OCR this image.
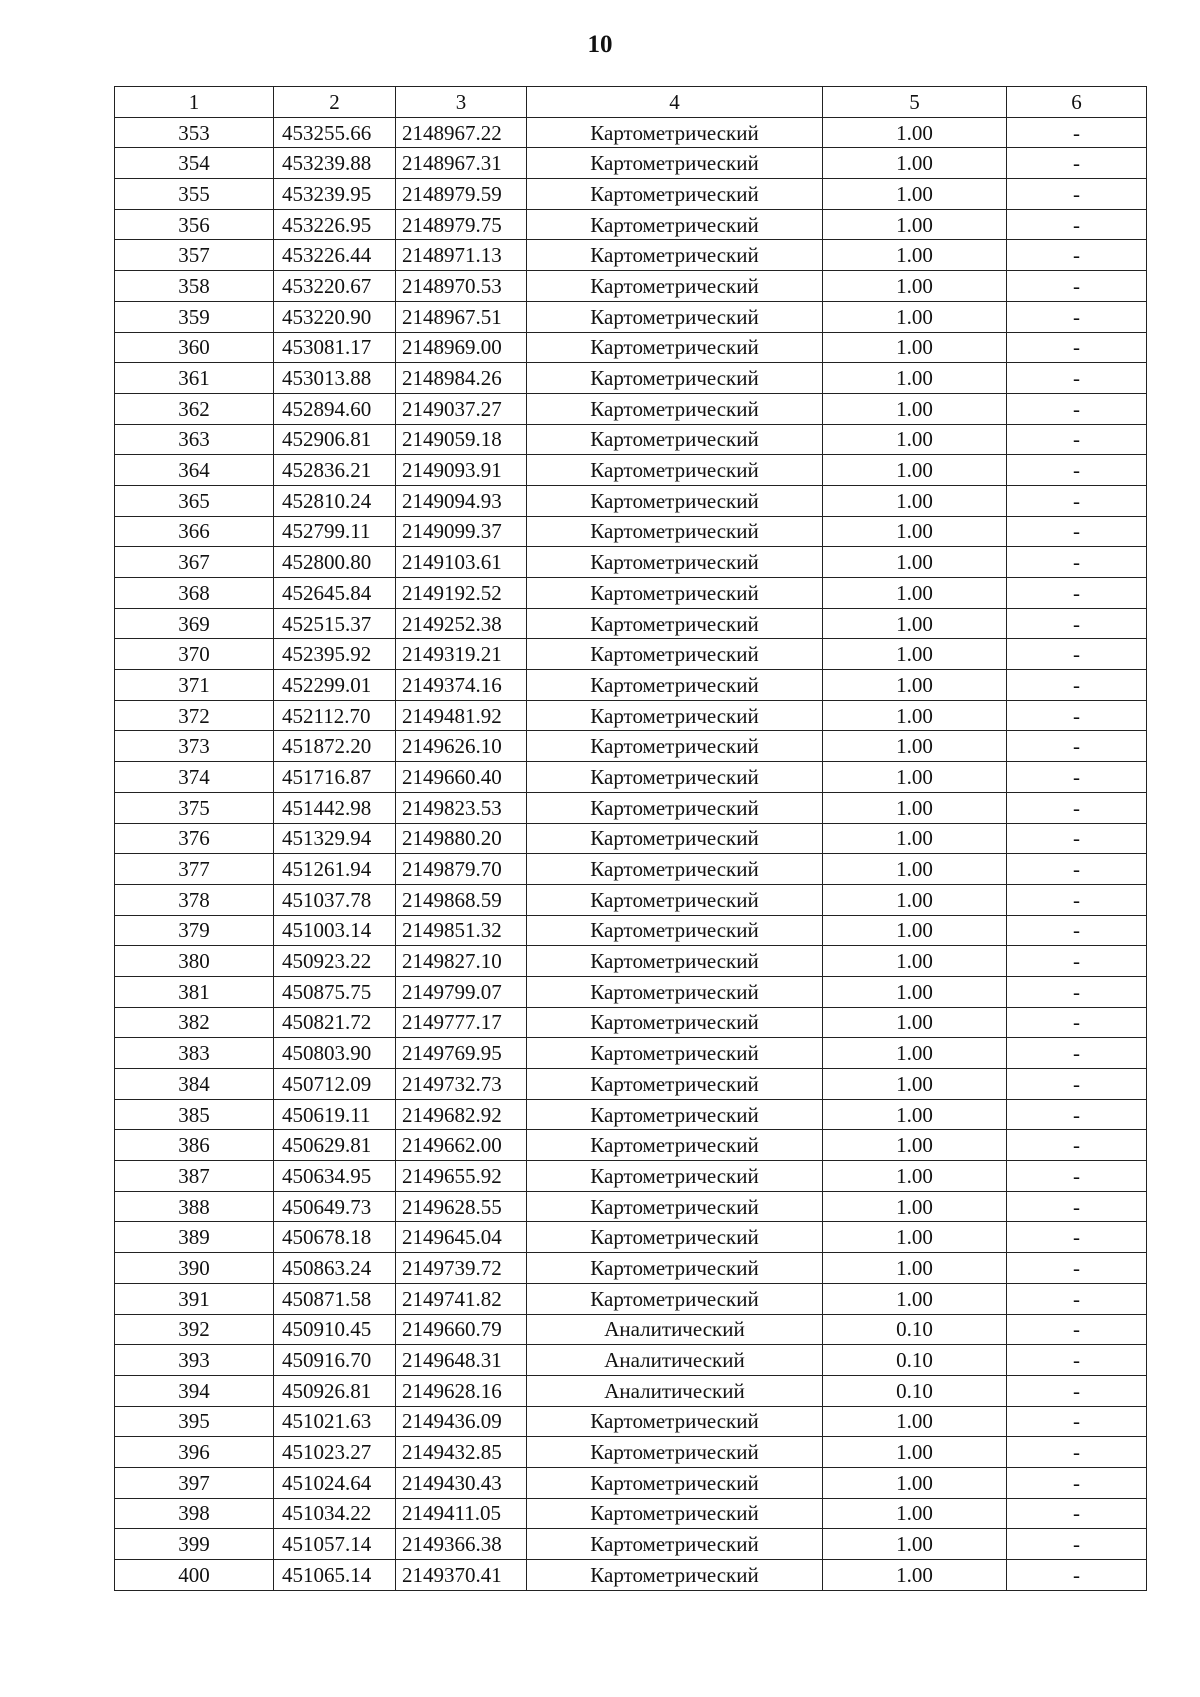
10
1	2	3	4	5	6
353	453255.66	2148967.22	Картометрический	1.00	-
354	453239.88	2148967.31	Картометрический	1.00	-
355	453239.95	2148979.59	Картометрический	1.00	-
356	453226.95	2148979.75	Картометрический	1.00	-
357	453226.44	2148971.13	Картометрический	1.00	-
358	453220.67	2148970.53	Картометрический	1.00	-
359	453220.90	2148967.51	Картометрический	1.00	-
360	453081.17	2148969.00	Картометрический	1.00	-
361	453013.88	2148984.26	Картометрический	1.00	-
362	452894.60	2149037.27	Картометрический	1.00	-
363	452906.81	2149059.18	Картометрический	1.00	-
364	452836.21	2149093.91	Картометрический	1.00	-
365	452810.24	2149094.93	Картометрический	1.00	-
366	452799.11	2149099.37	Картометрический	1.00	-
367	452800.80	2149103.61	Картометрический	1.00	-
368	452645.84	2149192.52	Картометрический	1.00	-
369	452515.37	2149252.38	Картометрический	1.00	-
370	452395.92	2149319.21	Картометрический	1.00	-
371	452299.01	2149374.16	Картометрический	1.00	-
372	452112.70	2149481.92	Картометрический	1.00	-
373	451872.20	2149626.10	Картометрический	1.00	-
374	451716.87	2149660.40	Картометрический	1.00	-
375	451442.98	2149823.53	Картометрический	1.00	-
376	451329.94	2149880.20	Картометрический	1.00	-
377	451261.94	2149879.70	Картометрический	1.00	-
378	451037.78	2149868.59	Картометрический	1.00	-
379	451003.14	2149851.32	Картометрический	1.00	-
380	450923.22	2149827.10	Картометрический	1.00	-
381	450875.75	2149799.07	Картометрический	1.00	-
382	450821.72	2149777.17	Картометрический	1.00	-
383	450803.90	2149769.95	Картометрический	1.00	-
384	450712.09	2149732.73	Картометрический	1.00	-
385	450619.11	2149682.92	Картометрический	1.00	-
386	450629.81	2149662.00	Картометрический	1.00	-
387	450634.95	2149655.92	Картометрический	1.00	-
388	450649.73	2149628.55	Картометрический	1.00	-
389	450678.18	2149645.04	Картометрический	1.00	-
390	450863.24	2149739.72	Картометрический	1.00	-
391	450871.58	2149741.82	Картометрический	1.00	-
392	450910.45	2149660.79	Аналитический	0.10	-
393	450916.70	2149648.31	Аналитический	0.10	-
394	450926.81	2149628.16	Аналитический	0.10	-
395	451021.63	2149436.09	Картометрический	1.00	-
396	451023.27	2149432.85	Картометрический	1.00	-
397	451024.64	2149430.43	Картометрический	1.00	-
398	451034.22	2149411.05	Картометрический	1.00	-
399	451057.14	2149366.38	Картометрический	1.00	-
400	451065.14	2149370.41	Картометрический	1.00	-
